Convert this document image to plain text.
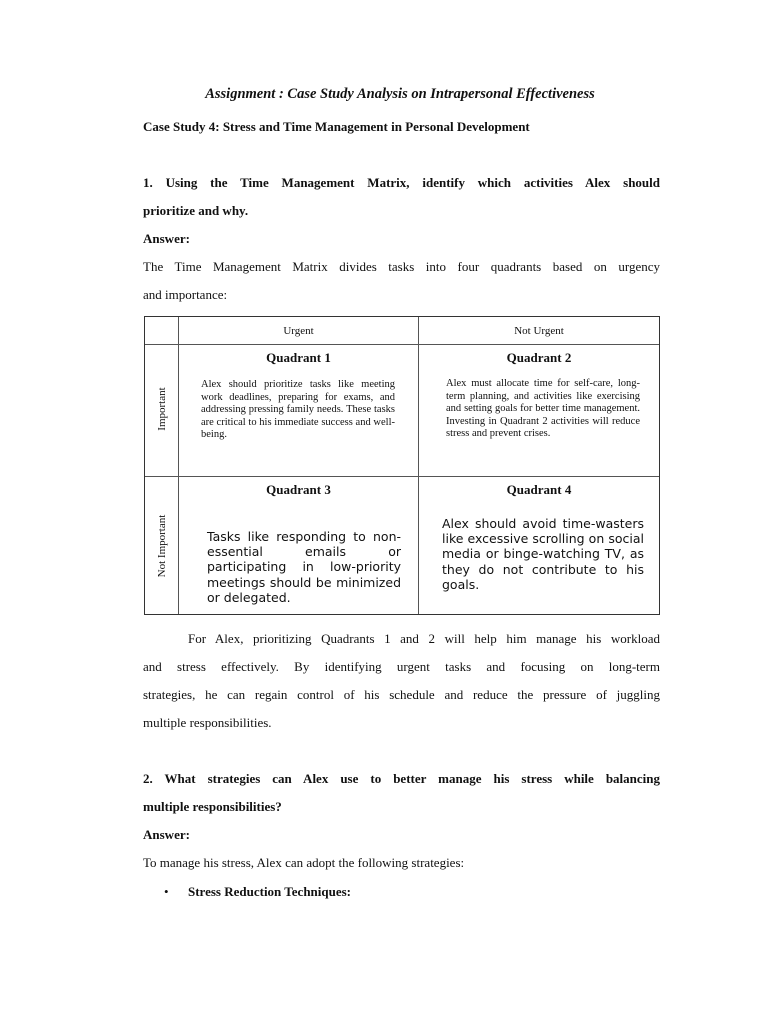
Assignment : Case Study Analysis on Intrapersonal Effectiveness
Case Study 4: Stress and Time Management in Personal Development
1. Using the Time Management Matrix, identify which activities Alex should
prioritize and why.
Answer:
The Time Management Matrix divides tasks into four quadrants based on urgency
and importance:
Urgent	Not Urgent
Important
Not Important
Quadrant 1
Alex should prioritize tasks like meeting work deadlines, preparing for exams, and addressing pressing family needs. These tasks are critical to his immediate success and well-being.
Quadrant 2
Alex must allocate time for self-care, long-term planning, and activities like exercising and setting goals for better time management. Investing in Quadrant 2 activities will reduce stress and prevent crises.
Quadrant 3
Tasks like responding to non-essential emails or participating in low-priority meetings should be minimized or delegated.
Quadrant 4
Alex should avoid time-wasters like excessive scrolling on social media or binge-watching TV, as they do not contribute to his goals.
For Alex, prioritizing Quadrants 1 and 2 will help him manage his workload
and stress effectively. By identifying urgent tasks and focusing on long-term
strategies, he can regain control of his schedule and reduce the pressure of juggling
multiple responsibilities.
2. What strategies can Alex use to better manage his stress while balancing
multiple responsibilities?
Answer:
To manage his stress, Alex can adopt the following strategies:
• Stress Reduction Techniques:
